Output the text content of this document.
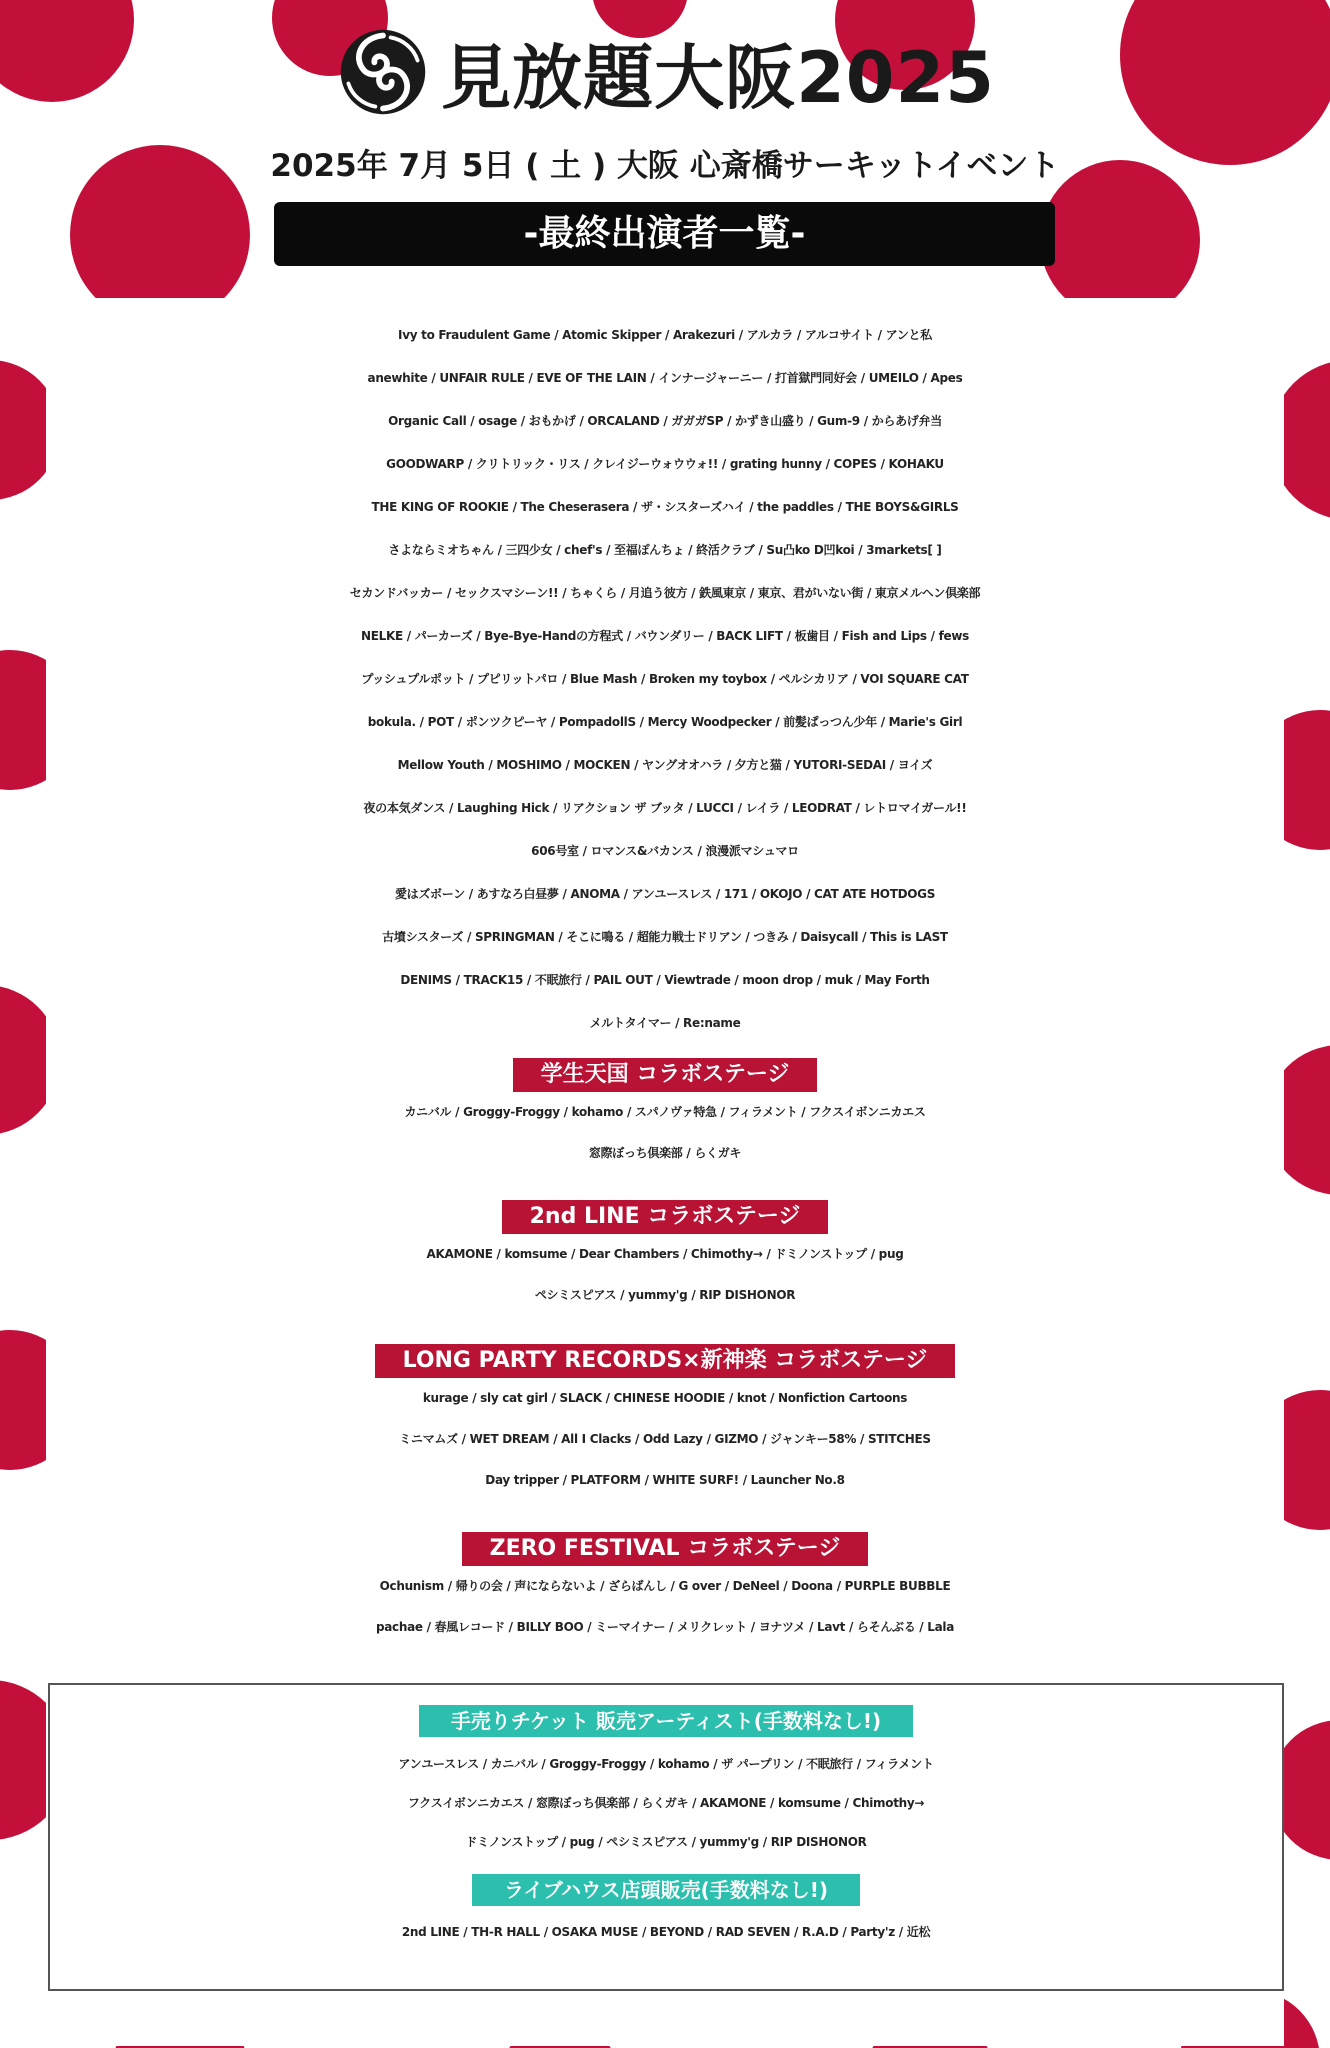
見放題大阪2025
2025年 7月 5日 ( 土 ) 大阪 心斎橋サーキットイベント
-最終出演者一覧-
Ivy to Fraudulent Game / Atomic Skipper / Arakezuri / アルカラ / アルコサイト / アンと私
anewhite / UNFAIR RULE / EVE OF THE LAIN / インナージャーニー / 打首獄門同好会 / UMEILO / Apes
Organic Call / osage / おもかげ / ORCALAND / ガガガSP / かずき山盛り / Gum-9 / からあげ弁当
GOODWARP / クリトリック・リス / クレイジーウォウウォ!! / grating hunny / COPES / KOHAKU
THE KING OF ROOKIE / The Cheserasera / ザ・シスターズハイ / the paddles / THE BOYS&GIRLS
さよならミオちゃん / 三四少女 / chef's / 至福ぽんちょ / 終活クラブ / Su凸ko D凹koi / 3markets[ ]
セカンドバッカー / セックスマシーン!! / ちゃくら / 月追う彼方 / 鉄風東京 / 東京、君がいない街 / 東京メルヘン倶楽部
NELKE / パーカーズ / Bye-Bye-Handの方程式 / バウンダリー / BACK LIFT / 板歯目 / Fish and Lips / fews
プッシュプルポット / プピリットパロ / Blue Mash / Broken my toybox / ペルシカリア / VOI SQUARE CAT
bokula. / POT / ポンツクピーヤ / PompadollS / Mercy Woodpecker / 前髪ぱっつん少年 / Marie's Girl
Mellow Youth / MOSHIMO / MOCKEN / ヤングオオハラ / 夕方と猫 / YUTORI-SEDAI / ヨイズ
夜の本気ダンス / Laughing Hick / リアクション ザ ブッタ / LUCCI / レイラ / LEODRAT / レトロマイガール!!
606号室 / ロマンス&バカンス / 浪漫派マシュマロ
愛はズボーン / あすなろ白昼夢 / ANOMA / アンユースレス / 171 / OKOJO / CAT ATE HOTDOGS
古墳シスターズ / SPRINGMAN / そこに鳴る / 超能力戦士ドリアン / つきみ / Daisycall / This is LAST
DENIMS / TRACK15 / 不眠旅行 / PAIL OUT / Viewtrade / moon drop / muk / May Forth
メルトタイマー / Re:name
学生天国 コラボステージ
カニバル / Groggy-Froggy / kohamo / スパノヴァ特急 / フィラメント / フクスイボンニカエス
窓際ぼっち倶楽部 / らくガキ
2nd LINE コラボステージ
AKAMONE / komsume / Dear Chambers / Chimothy→ / ドミノンストップ / pug
ペシミスピアス / yummy'g / RIP DISHONOR
LONG PARTY RECORDS×新神楽 コラボステージ
kurage / sly cat girl / SLACK / CHINESE HOODIE / knot / Nonfiction Cartoons
ミニマムズ / WET DREAM / All I Clacks / Odd Lazy / GIZMO / ジャンキー58% / STITCHES
Day tripper / PLATFORM / WHITE SURF! / Launcher No.8
ZERO FESTIVAL コラボステージ
Ochunism / 帰りの会 / 声にならないよ / ざらばんし / G over / DeNeel / Doona / PURPLE BUBBLE
pachae / 春風レコード / BILLY BOO / ミーマイナー / メリクレット / ヨナツメ / Lavt / らそんぶる / Lala
手売りチケット 販売アーティスト(手数料なし!)
アンユースレス / カニバル / Groggy-Froggy / kohamo / ザ パープリン / 不眠旅行 / フィラメント
フクスイボンニカエス / 窓際ぼっち倶楽部 / らくガキ / AKAMONE / komsume / Chimothy→
ドミノンストップ / pug / ペシミスピアス / yummy'g / RIP DISHONOR
ライブハウス店頭販売(手数料なし!)
2nd LINE / TH-R HALL / OSAKA MUSE / BEYOND / RAD SEVEN / R.A.D / Party'z / 近松
